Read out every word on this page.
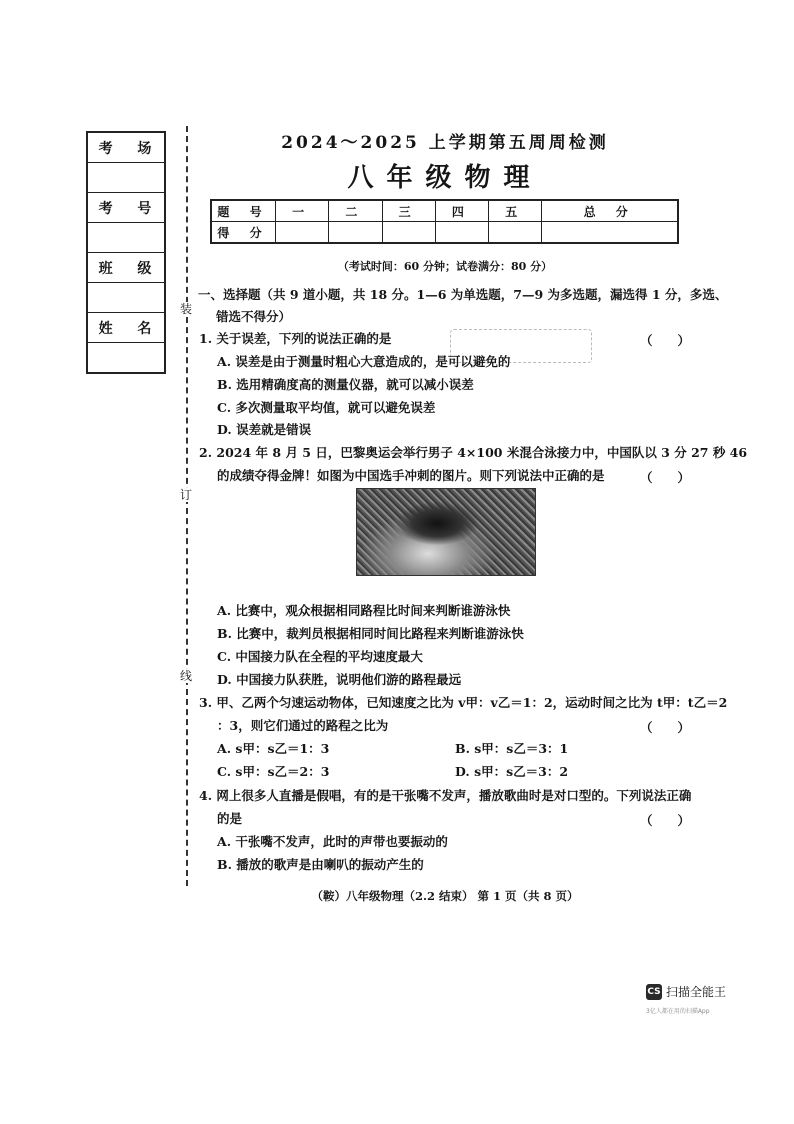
考 场

考 号

班 级

姓 名

装
订
线
2024～2025 上学期第五周周检测
八年级物理
题 号	一	二	三	四	五	总 分
得 分						
（考试时间：60 分钟；试卷满分：80 分）
一、选择题（共 9 道小题，共 18 分。1—6 为单选题，7—9 为多选题，漏选得 1 分，多选、
错选不得分）
1. 关于误差，下列的说法正确的是	（　　）
A. 误差是由于测量时粗心大意造成的，是可以避免的
B. 选用精确度高的测量仪器，就可以减小误差
C. 多次测量取平均值，就可以避免误差
D. 误差就是错误
2. 2024 年 8 月 5 日，巴黎奥运会举行男子 4×100 米混合泳接力中，中国队以 3 分 27 秒 46
的成绩夺得金牌！如图为中国选手冲刺的图片。则下列说法中正确的是	（　　）
A. 比赛中，观众根据相同路程比时间来判断谁游泳快
B. 比赛中，裁判员根据相同时间比路程来判断谁游泳快
C. 中国接力队在全程的平均速度最大
D. 中国接力队获胜，说明他们游的路程最远
3. 甲、乙两个匀速运动物体，已知速度之比为 v甲：v乙＝1：2，运动时间之比为 t甲：t乙＝2
：3，则它们通过的路程之比为	（　　）
A. s甲：s乙＝1：3	B. s甲：s乙＝3：1
C. s甲：s乙＝2：3	D. s甲：s乙＝3：2
4. 网上很多人直播是假唱，有的是干张嘴不发声，播放歌曲时是对口型的。下列说法正确
的是	（　　）
A. 干张嘴不发声，此时的声带也要振动的
B. 播放的歌声是由喇叭的振动产生的
（鞍）八年级物理（2.2 结束） 第 1 页（共 8 页）
CS 扫描全能王
3亿人都在用的扫描App
